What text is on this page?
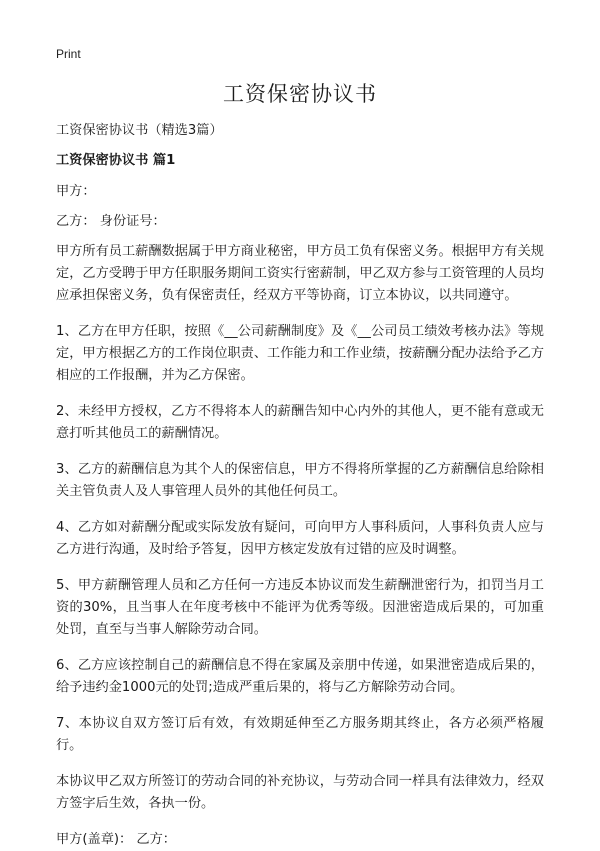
Print
工资保密协议书

工资保密协议书（精选3篇）

工资保密协议书 篇1

甲方：

乙方： 身份证号：

甲方所有员工薪酬数据属于甲方商业秘密，甲方员工负有保密义务。根据甲方有关规定，乙方受聘于甲方任职服务期间工资实行密薪制，甲乙双方参与工资管理的人员均应承担保密义务，负有保密责任，经双方平等协商，订立本协议，以共同遵守。

1、乙方在甲方任职，按照《__公司薪酬制度》及《__公司员工绩效考核办法》等规定，甲方根据乙方的工作岗位职责、工作能力和工作业绩，按薪酬分配办法给予乙方相应的工作报酬，并为乙方保密。

2、未经甲方授权，乙方不得将本人的薪酬告知中心内外的其他人，更不能有意或无意打听其他员工的薪酬情况。

3、乙方的薪酬信息为其个人的保密信息，甲方不得将所掌握的乙方薪酬信息给除相关主管负责人及人事管理人员外的其他任何员工。

4、乙方如对薪酬分配或实际发放有疑问，可向甲方人事科质问，人事科负责人应与乙方进行沟通，及时给予答复，因甲方核定发放有过错的应及时调整。

5、甲方薪酬管理人员和乙方任何一方违反本协议而发生薪酬泄密行为，扣罚当月工资的30%，且当事人在年度考核中不能评为优秀等级。因泄密造成后果的，可加重处罚，直至与当事人解除劳动合同。

6、乙方应该控制自己的薪酬信息不得在家属及亲朋中传递，如果泄密造成后果的，给予违约金1000元的处罚;造成严重后果的，将与乙方解除劳动合同。

7、本协议自双方签订后有效，有效期延伸至乙方服务期其终止，各方必须严格履行。

本协议甲乙双方所签订的劳动合同的补充协议，与劳动合同一样具有法律效力，经双方签字后生效，各执一份。

甲方(盖章)： 乙方：
